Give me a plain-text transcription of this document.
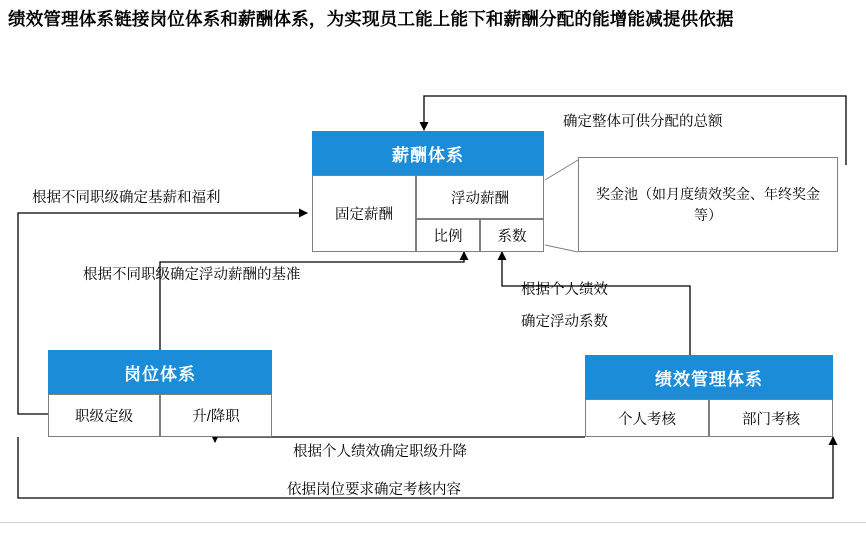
绩效管理体系链接岗位体系和薪酬体系，为实现员工能上能下和薪酬分配的能增能减提供依据
薪酬体系
固定薪酬
浮动薪酬
比例	系数
奖金池（如月度绩效奖金、年终奖金等）
岗位体系
职级定级	升/降职
绩效管理体系
个人考核	部门考核
确定整体可供分配的总额
根据不同职级确定基薪和福利
根据不同职级确定浮动薪酬的基准
根据个人绩效
确定浮动系数
根据个人绩效确定职级升降
依据岗位要求确定考核内容
